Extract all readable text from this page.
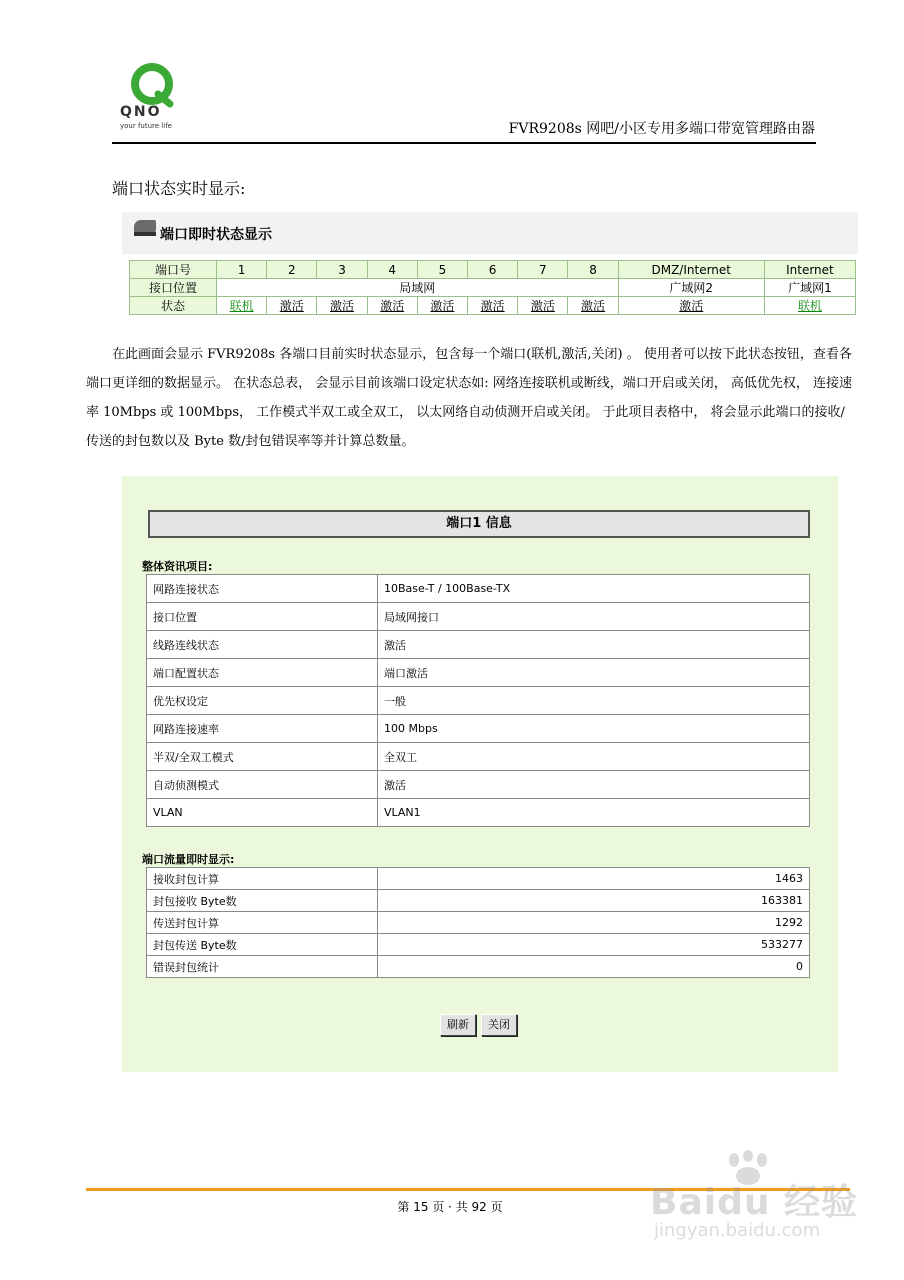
QNO
your future life	FVR9208s 网吧/小区专用多端口带宽管理路由器
端口状态实时显示:
端口即时状态显示
端口号	1	2	3	4	5	6	7	8	DMZ/Internet	Internet
接口位置	局域网								广域网2	广域网1
状态	联机	激活	激活	激活	激活	激活	激活	激活	激活	联机
在此画面会显示 FVR9208s 各端口目前实时状态显示，包含每一个端口(联机,激活,关闭) 。 使用者可以按下此状态按钮，查看各端口更详细的数据显示。 在状态总表， 会显示目前该端口设定状态如: 网络连接联机或断线，端口开启或关闭， 高低优先权， 连接速率 10Mbps 或 100Mbps， 工作模式半双工或全双工， 以太网络自动侦测开启或关闭。 于此项目表格中， 将会显示此端口的接收/传送的封包数以及 Byte 数/封包错误率等并计算总数量。
端口1 信息
整体资讯项目:
网路连接状态	10Base-T / 100Base-TX
接口位置	局域网接口
线路连线状态	激活
端口配置状态	端口激活
优先权设定	一般
网路连接速率	100 Mbps
半双/全双工模式	全双工
自动侦测模式	激活
VLAN	VLAN1
端口流量即时显示:
接收封包计算	1463
封包接收 Byte数	163381
传送封包计算	1292
封包传送 Byte数	533277
错误封包统计	0
刷新	关闭
第 15 页 · 共 92 页	Baidu 经验
jingyan.baidu.com
